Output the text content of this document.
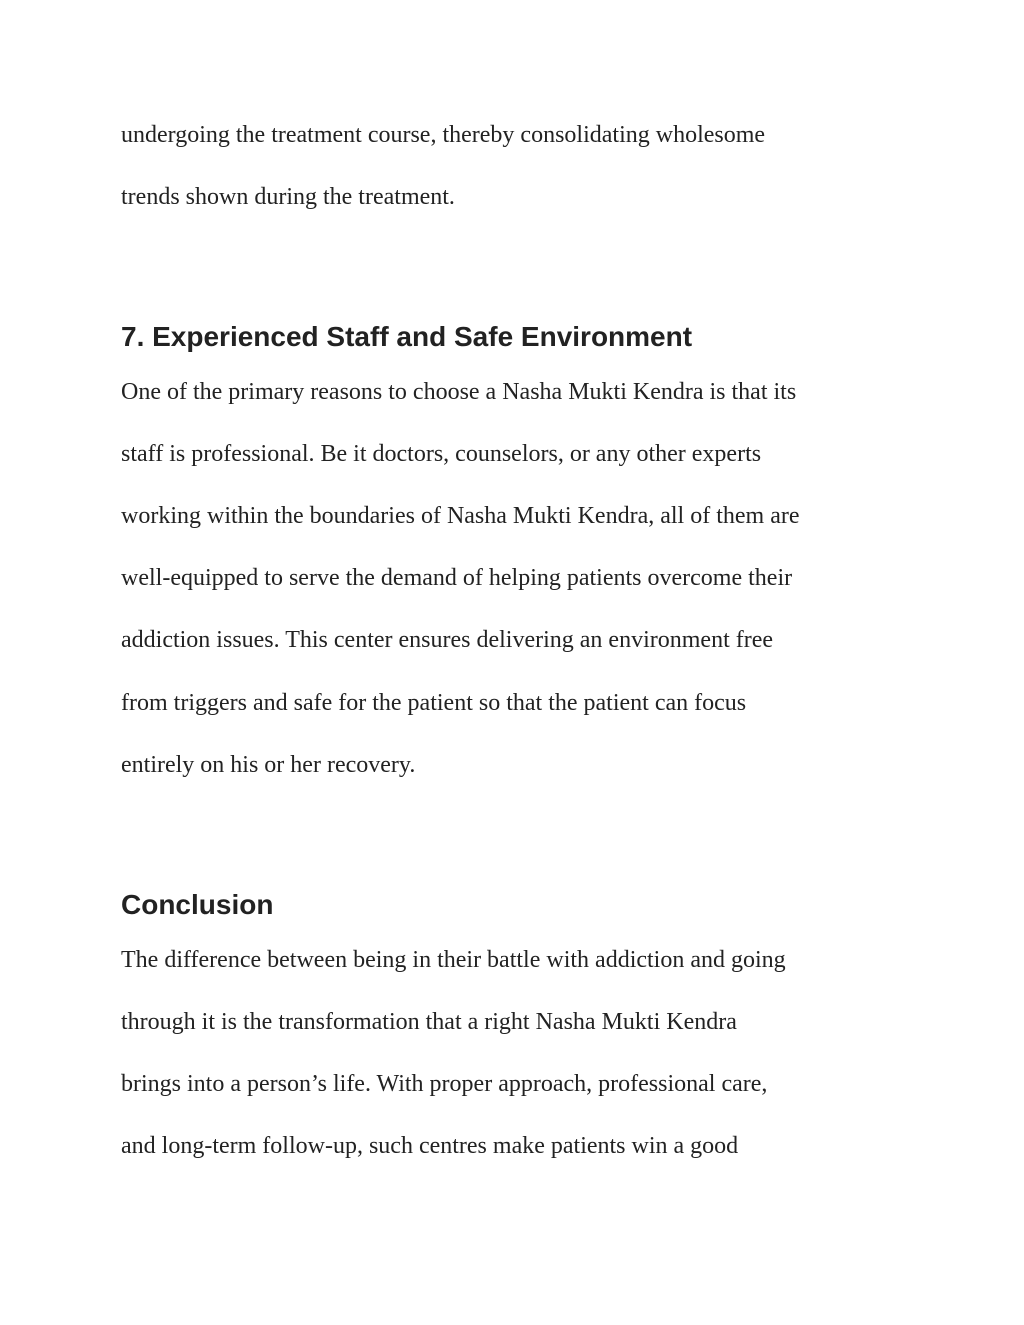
undergoing the treatment course, thereby consolidating wholesome

trends shown during the treatment.

7. Experienced Staff and Safe Environment

One of the primary reasons to choose a Nasha Mukti Kendra is that its

staff is professional. Be it doctors, counselors, or any other experts

working within the boundaries of Nasha Mukti Kendra, all of them are

well-equipped to serve the demand of helping patients overcome their

addiction issues. This center ensures delivering an environment free

from triggers and safe for the patient so that the patient can focus

entirely on his or her recovery.

Conclusion

The difference between being in their battle with addiction and going

through it is the transformation that a right Nasha Mukti Kendra

brings into a person’s life. With proper approach, professional care,

and long-term follow-up, such centres make patients win a good
